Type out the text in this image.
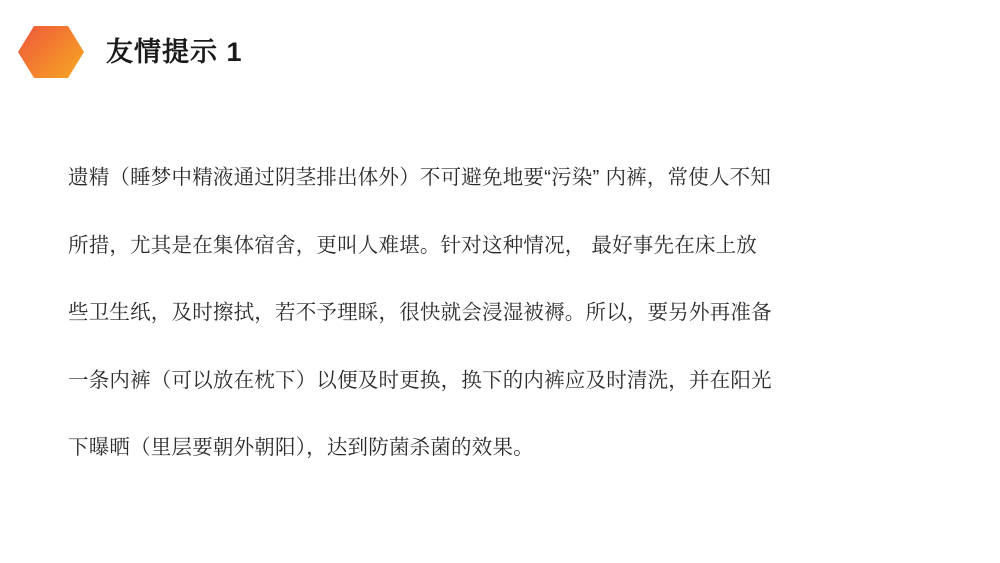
友情提示 1
遗精（睡梦中精液通过阴茎排出体外）不可避免地要“污染” 内裤，常使人不知
所措，尤其是在集体宿舍，更叫人难堪。针对这种情况， 最好事先在床上放
些卫生纸，及时擦拭，若不予理睬，很快就会浸湿被褥。所以，要另外再准备
一条内裤（可以放在枕下）以便及时更换，换下的内裤应及时清洗，并在阳光
下曝晒（里层要朝外朝阳），达到防菌杀菌的效果。
